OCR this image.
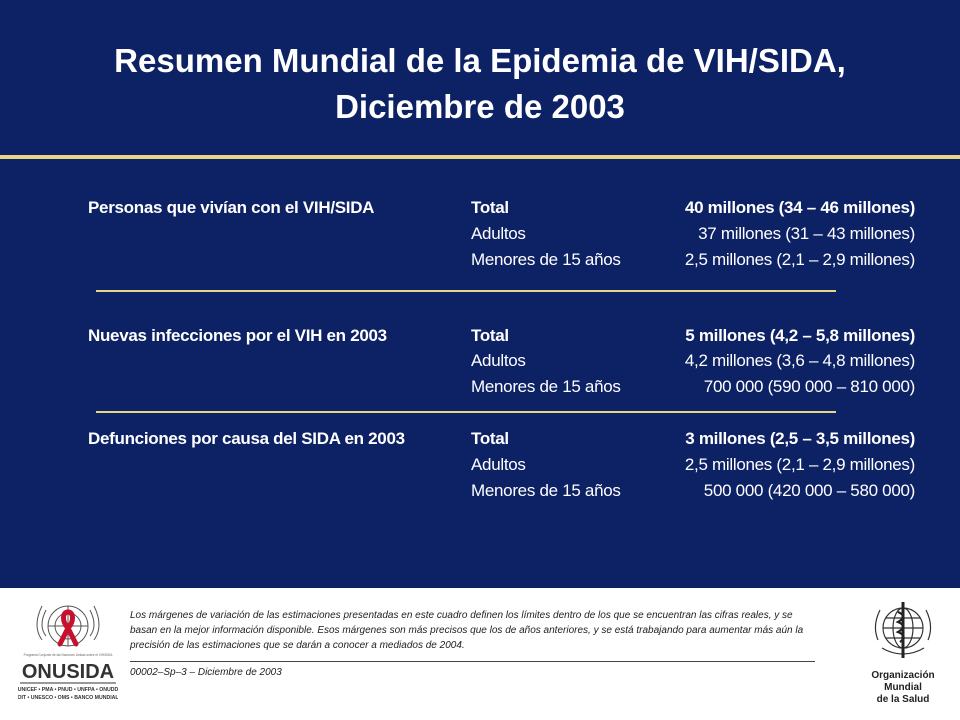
Resumen Mundial de la Epidemia de VIH/SIDA,
Diciembre de 2003
Personas que vivían con el VIH/SIDA	Total	40 millones (34 – 46 millones)
Adultos	37 millones (31 – 43 millones)
Menores de 15 años	2,5 millones (2,1 – 2,9 millones)
Nuevas infecciones por el VIH en 2003	Total	5 millones (4,2 – 5,8 millones)
Adultos	4,2 millones (3,6 – 4,8 millones)
Menores de 15 años	700 000 (590 000 – 810 000)
Defunciones por causa del SIDA en 2003	Total	3 millones (2,5 – 3,5 millones)
Adultos	2,5 millones (2,1 – 2,9 millones)
Menores de 15 años	500 000 (420 000 – 580 000)
Programa Conjunto de las Naciones Unidas sobre el VIH/SIDA
ONUSIDA
UNICEF • PMA • PNUD • UNFPA • ONUDD
OIT • UNESCO • OMS • BANCO MUNDIAL
Los márgenes de variación de las estimaciones presentadas en este cuadro definen los límites dentro de los que se encuentran las cifras reales, y se basan en la mejor información disponible. Esos márgenes son más precisos que los de años anteriores, y se está trabajando para aumentar más aún la precisión de las estimaciones que se darán a conocer a mediados de 2004.
00002–Sp–3 – Diciembre de 2003	Organización
Mundial
de la Salud
